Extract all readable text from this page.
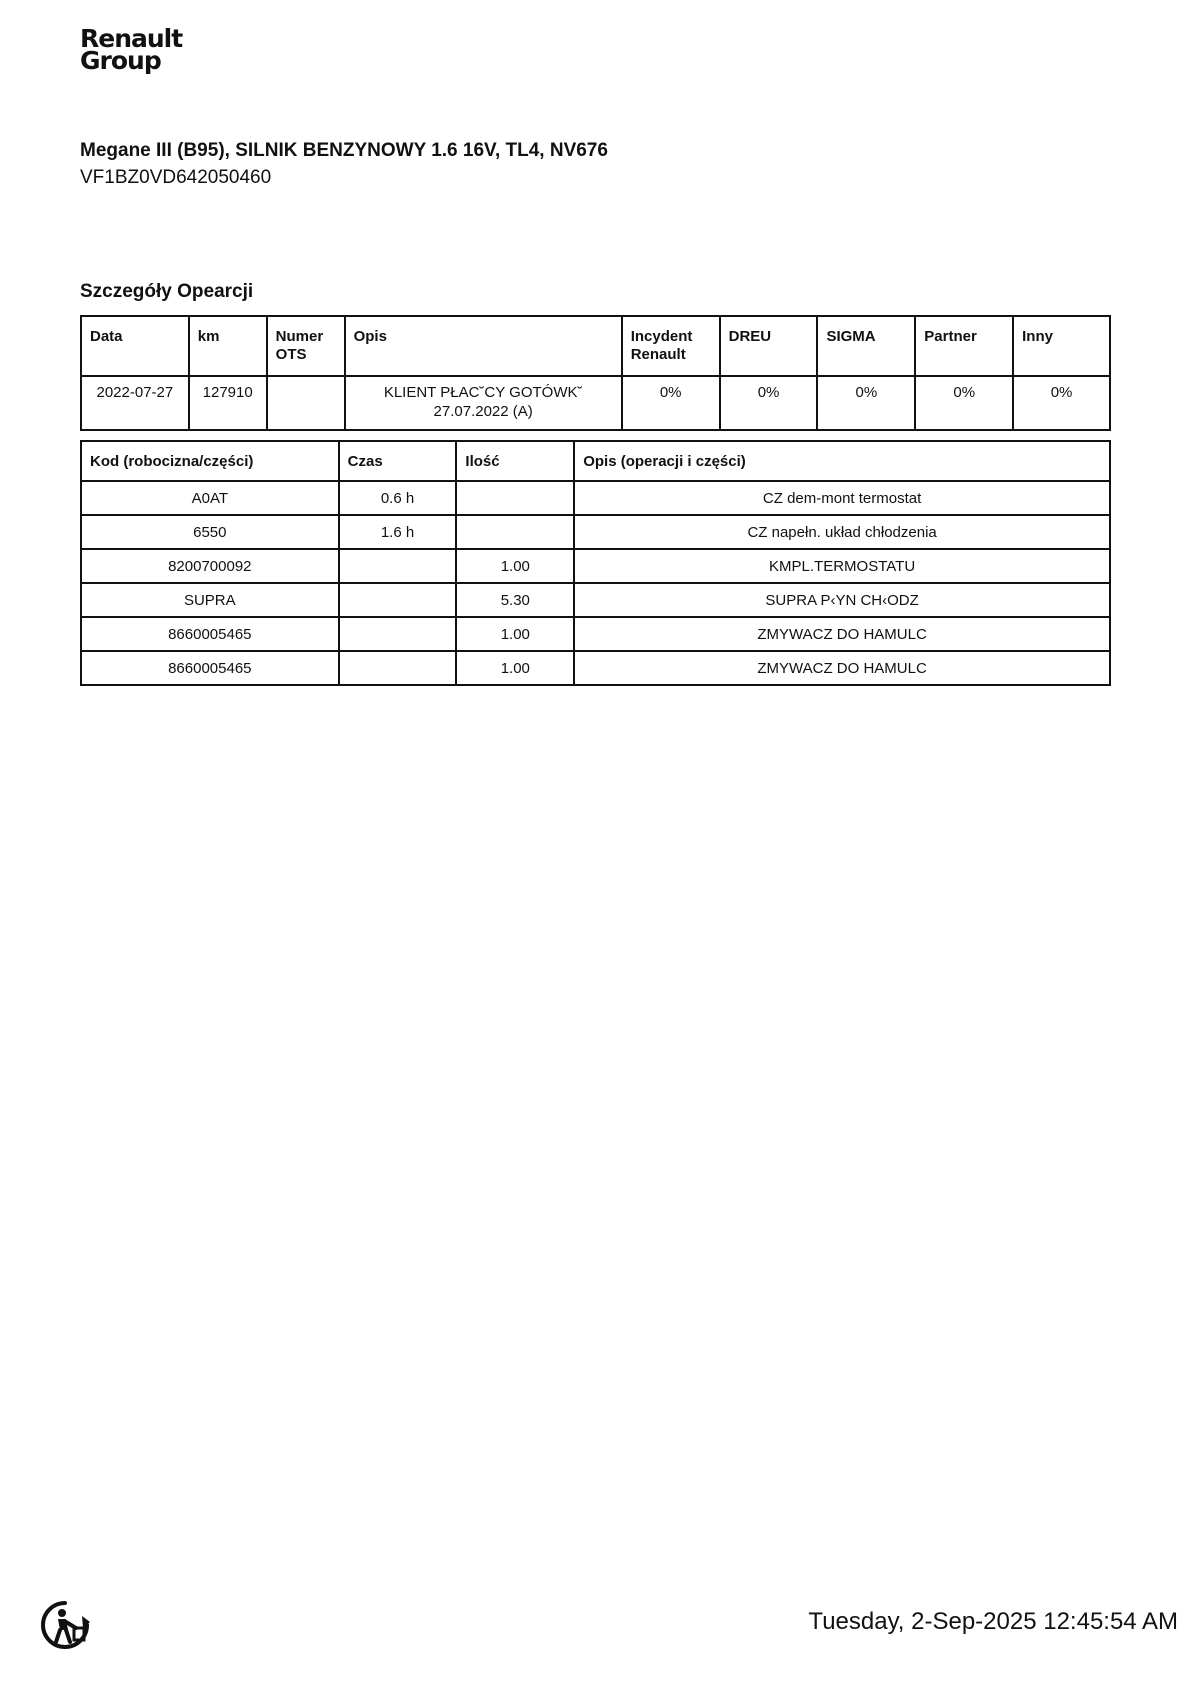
Renault
Group
Megane III (B95), SILNIK BENZYNOWY 1.6 16V, TL4, NV676
VF1BZ0VD642050460
Szczegóły Opearcji
Data	km	Numer OTS	Opis	Incydent Renault	DREU	SIGMA	Partner	Inny
2022-07-27	127910		KLIENT PŁAC˘CY GOTÓWK˘ 27.07.2022 (A)	0%	0%	0%	0%	0%
Kod (robocizna/części)	Czas	Ilość	Opis (operacji i części)
A0AT	0.6 h		CZ dem-mont termostat
6550	1.6 h		CZ napełn. układ chłodzenia
8200700092		1.00	KMPL.TERMOSTATU
SUPRA		5.30	SUPRA P‹YN CH‹ODZ
8660005465		1.00	ZMYWACZ DO HAMULC
8660005465		1.00	ZMYWACZ DO HAMULC
Tuesday, 2-Sep-2025 12:45:54 AM
